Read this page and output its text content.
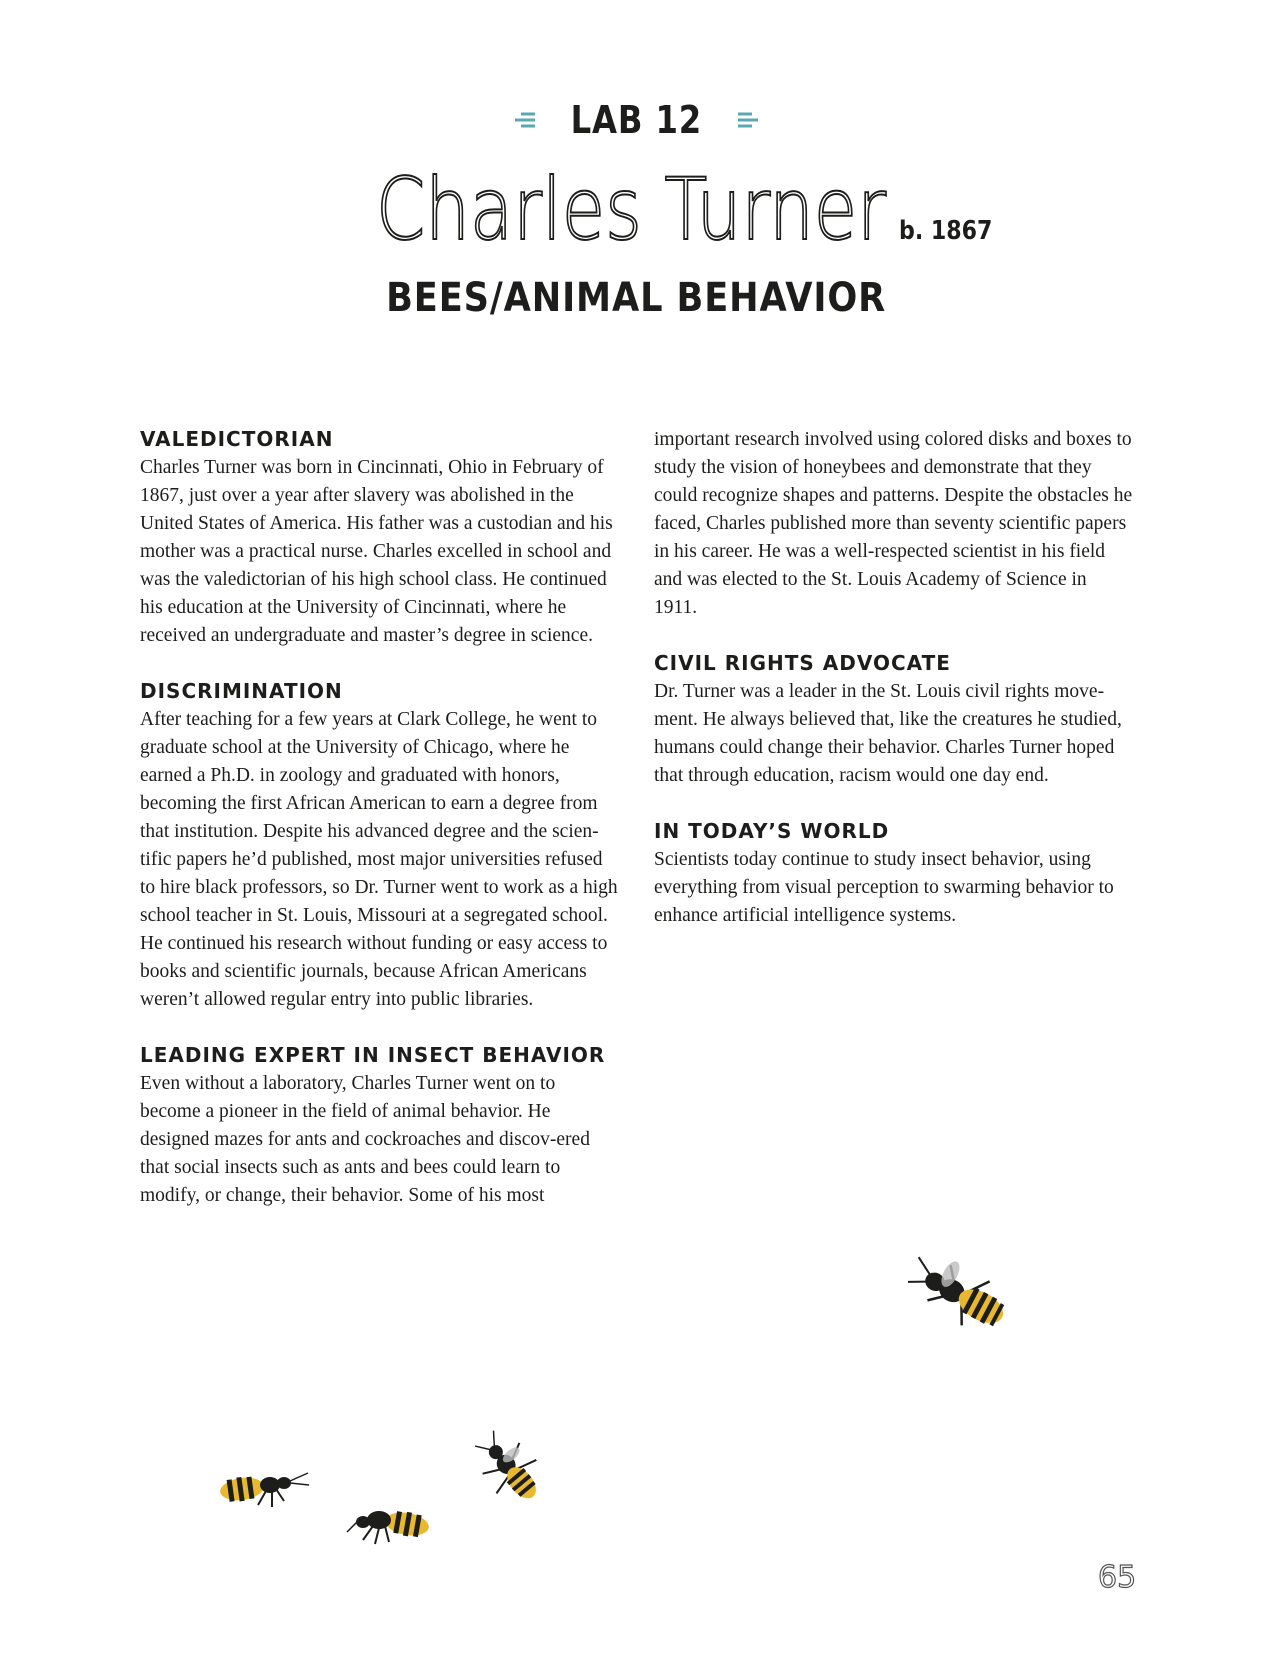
LAB 12
Charles Turner b. 1867
BEES/ANIMAL BEHAVIOR
VALEDICTORIAN

Charles Turner was born in Cincinnati, Ohio in February of 1867, just over a year after slavery was abolished in the United States of America. His father was a custodian and his mother was a practical nurse. Charles excelled in school and was the valedictorian of his high school class. He continued his education at the University of Cincinnati, where he received an undergraduate and master’s degree in science.

DISCRIMINATION

After teaching for a few years at Clark College, he went to graduate school at the University of Chicago, where he earned a Ph.D. in zoology and graduated with honors, becoming the first African American to earn a degree from that institution. Despite his advanced degree and the scien-tific papers he’d published, most major universities refused to hire black professors, so Dr. Turner went to work as a high school teacher in St. Louis, Missouri at a segregated school. He continued his research without funding or easy access to books and scientific journals, because African Americans weren’t allowed regular entry into public libraries.

LEADING EXPERT IN INSECT BEHAVIOR

Even without a laboratory, Charles Turner went on to become a pioneer in the field of animal behavior. He designed mazes for ants and cockroaches and discov-ered that social insects such as ants and bees could learn to modify, or change, their behavior. Some of his most

important research involved using colored disks and boxes to study the vision of honeybees and demonstrate that they could recognize shapes and patterns. Despite the obstacles he faced, Charles published more than seventy scientific papers in his career. He was a well-respected scientist in his field and was elected to the St. Louis Academy of Science in 1911.

CIVIL RIGHTS ADVOCATE

Dr. Turner was a leader in the St. Louis civil rights move-ment. He always believed that, like the creatures he studied, humans could change their behavior. Charles Turner hoped that through education, racism would one day end.

IN TODAY’S WORLD

Scientists today continue to study insect behavior, using everything from visual perception to swarming behavior to enhance artificial intelligence systems.

65
